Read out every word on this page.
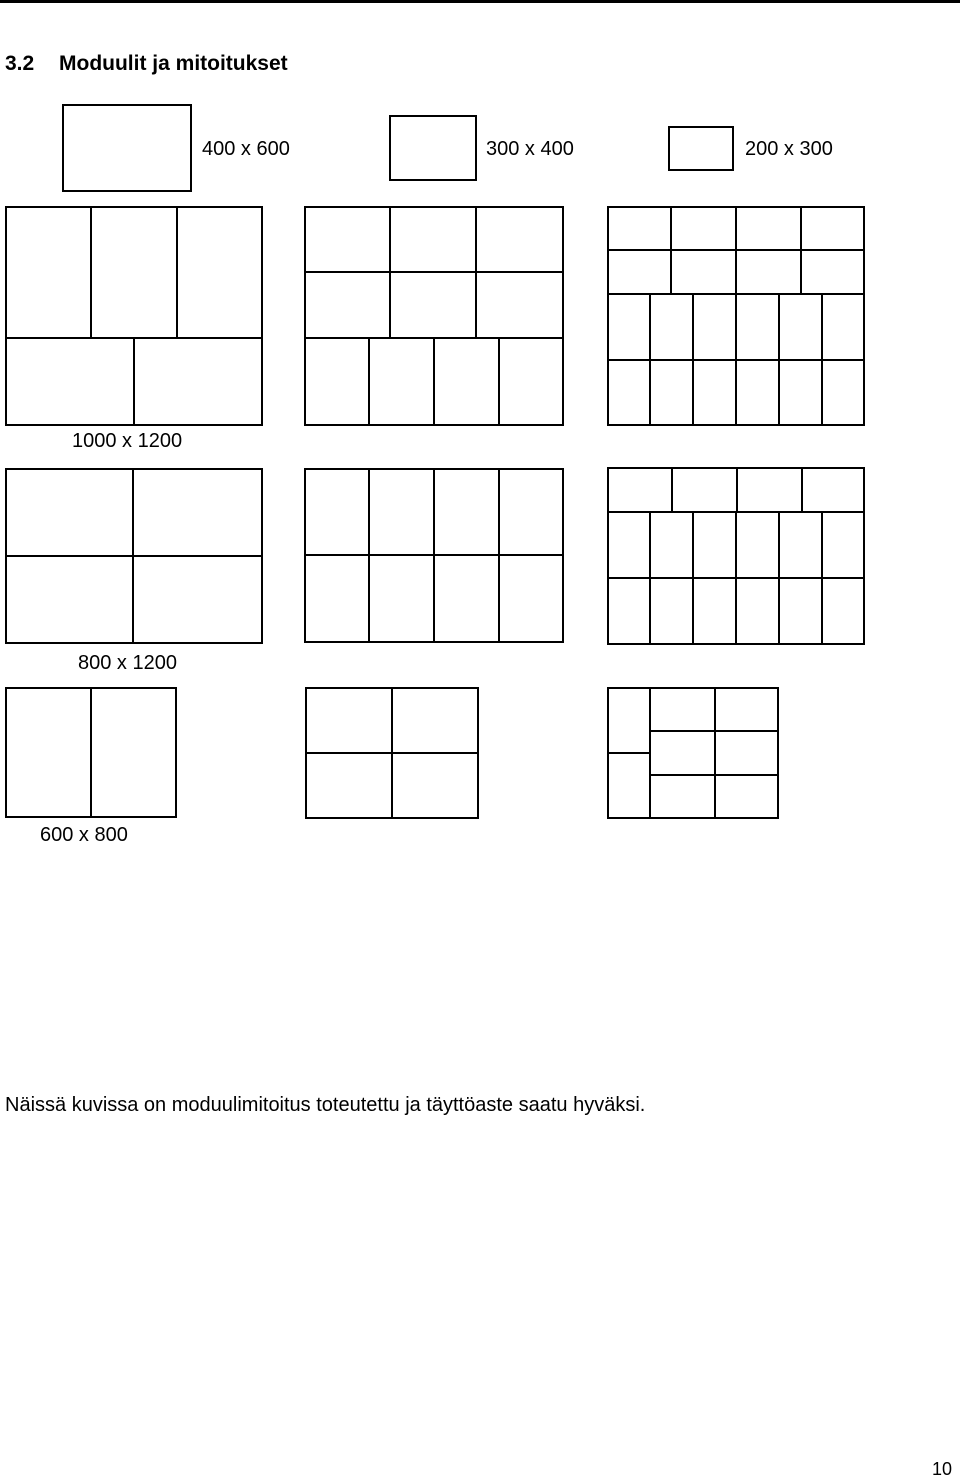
3.2 Moduulit ja mitoitukset
400 x 600	300 x 400	200 x 300
1000 x 1200
800 x 1200
600 x 800
Näissä kuvissa on moduulimitoitus toteutettu ja täyttöaste saatu hyväksi.
10
